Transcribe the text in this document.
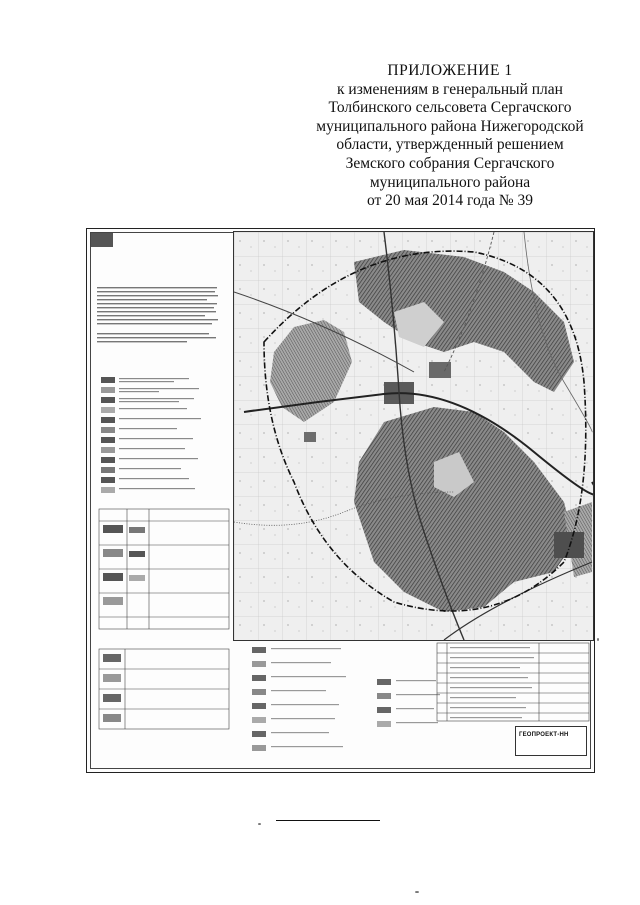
ПРИЛОЖЕНИЕ 1
к изменениям в генеральный план
Толбинского сельсовета Сергачского
муниципального района Нижегородской
области, утвержденный решением
Земского собрания Сергачского
муниципального района
от 20 мая 2014 года № 39
ГЕОПРОЕКТ-НН
